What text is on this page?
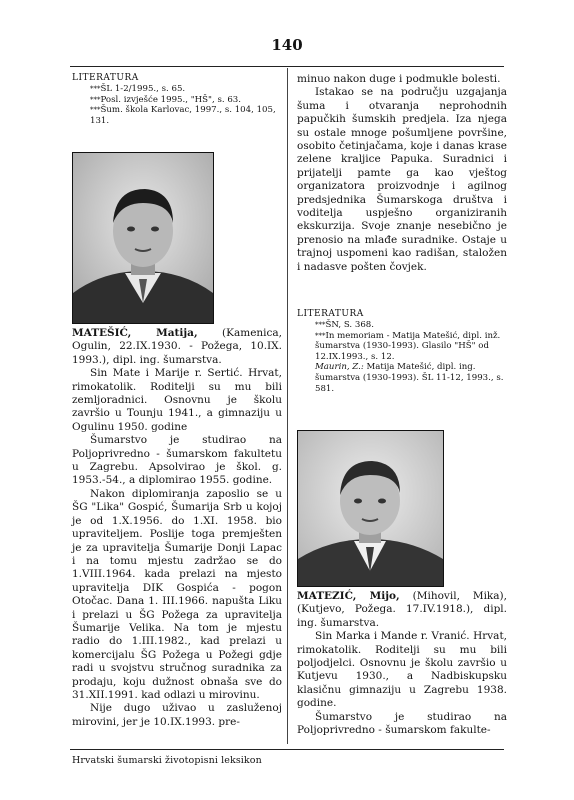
140
LITERATURA
***ŠL 1-2/1995., s. 65.
***Posl. izvješće 1995., "HŠ", s. 63.
***Šum. škola Karlovac, 1997., s. 104, 105, 131.

MATEŠIĆ, Matija, (Kamenica, Ogulin, 22.IX.1930. - Požega, 10.IX. 1993.), dipl. ing. šumarstva.

Sin Mate i Marije r. Sertić. Hrvat, rimokatolik. Roditelji su mu bili zemljoradnici. Osnovnu je školu završio u Tounju 1941., a gimnaziju u Ogulinu 1950. godine

Šumarstvo je studirao na Poljoprivredno - šumarskom fakultetu u Zagrebu. Apsolvirao je škol. g. 1953.-54., a diplomirao 1955. godine.

Nakon diplomiranja zaposlio se u ŠG "Lika" Gospić, Šumarija Srb u kojoj je od 1.X.1956. do 1.XI. 1958. bio upraviteljem. Poslije toga premješten je za upravitelja Šumarije Donji Lapac i na tomu mjestu zadržao se do 1.VIII.1964. kada prelazi na mjesto upravitelja DIK Gospića - pogon Otočac. Dana 1. III.1966. napušta Liku i prelazi u ŠG Požega za upravitelja Šumarije Velika. Na tom je mjestu radio do 1.III.1982., kad prelazi u komercijalu ŠG Požega u Požegi gdje radi u svojstvu stručnog suradnika za prodaju, koju dužnost obnaša sve do 31.XII.1991. kad odlazi u mirovinu.

Nije dugo uživao u zasluženoj mirovini, jer je 10.IX.1993. pre-

minuo nakon duge i podmukle bolesti.

Istakao se na području uzgajanja šuma i otvaranja neprohodnih papučkih šumskih predjela. Iza njega su ostale mnoge pošumljene površine, osobito četinjačama, koje i danas krase zelene kraljice Papuka. Suradnici i prijatelji pamte ga kao vještog organizatora proizvodnje i agilnog predsjednika Šumarskoga društva i voditelja uspješno organiziranih ekskurzija. Svoje znanje nesebično je prenosio na mlađe suradnike. Ostaje u trajnoj uspomeni kao radišan, staložen i nadasve pošten čovjek.

LITERATURA
***ŠN, S. 368.
***In memoriam - Matija Matešić, dipl. inž. šumarstva (1930-1993). Glasilo "HŠ" od 12.IX.1993., s. 12.
Maurin, Z.: Matija Matešić, dipl. ing. šumarstva (1930-1993). ŠL 11-12, 1993., s. 581.

MATEZIĆ, Mijo, (Mihovil, Mika), (Kutjevo, Požega. 17.IV.1918.), dipl. ing. šumarstva.

Sin Marka i Mande r. Vranić. Hrvat, rimokatolik. Roditelji su mu bili poljodjelci. Osnovnu je školu završio u Kutjevu 1930., a Nadbiskupsku klasičnu gimnaziju u Zagrebu 1938. godine.

Šumarstvo je studirao na Poljoprivredno - šumarskom fakulte-

Hrvatski šumarski životopisni leksikon
